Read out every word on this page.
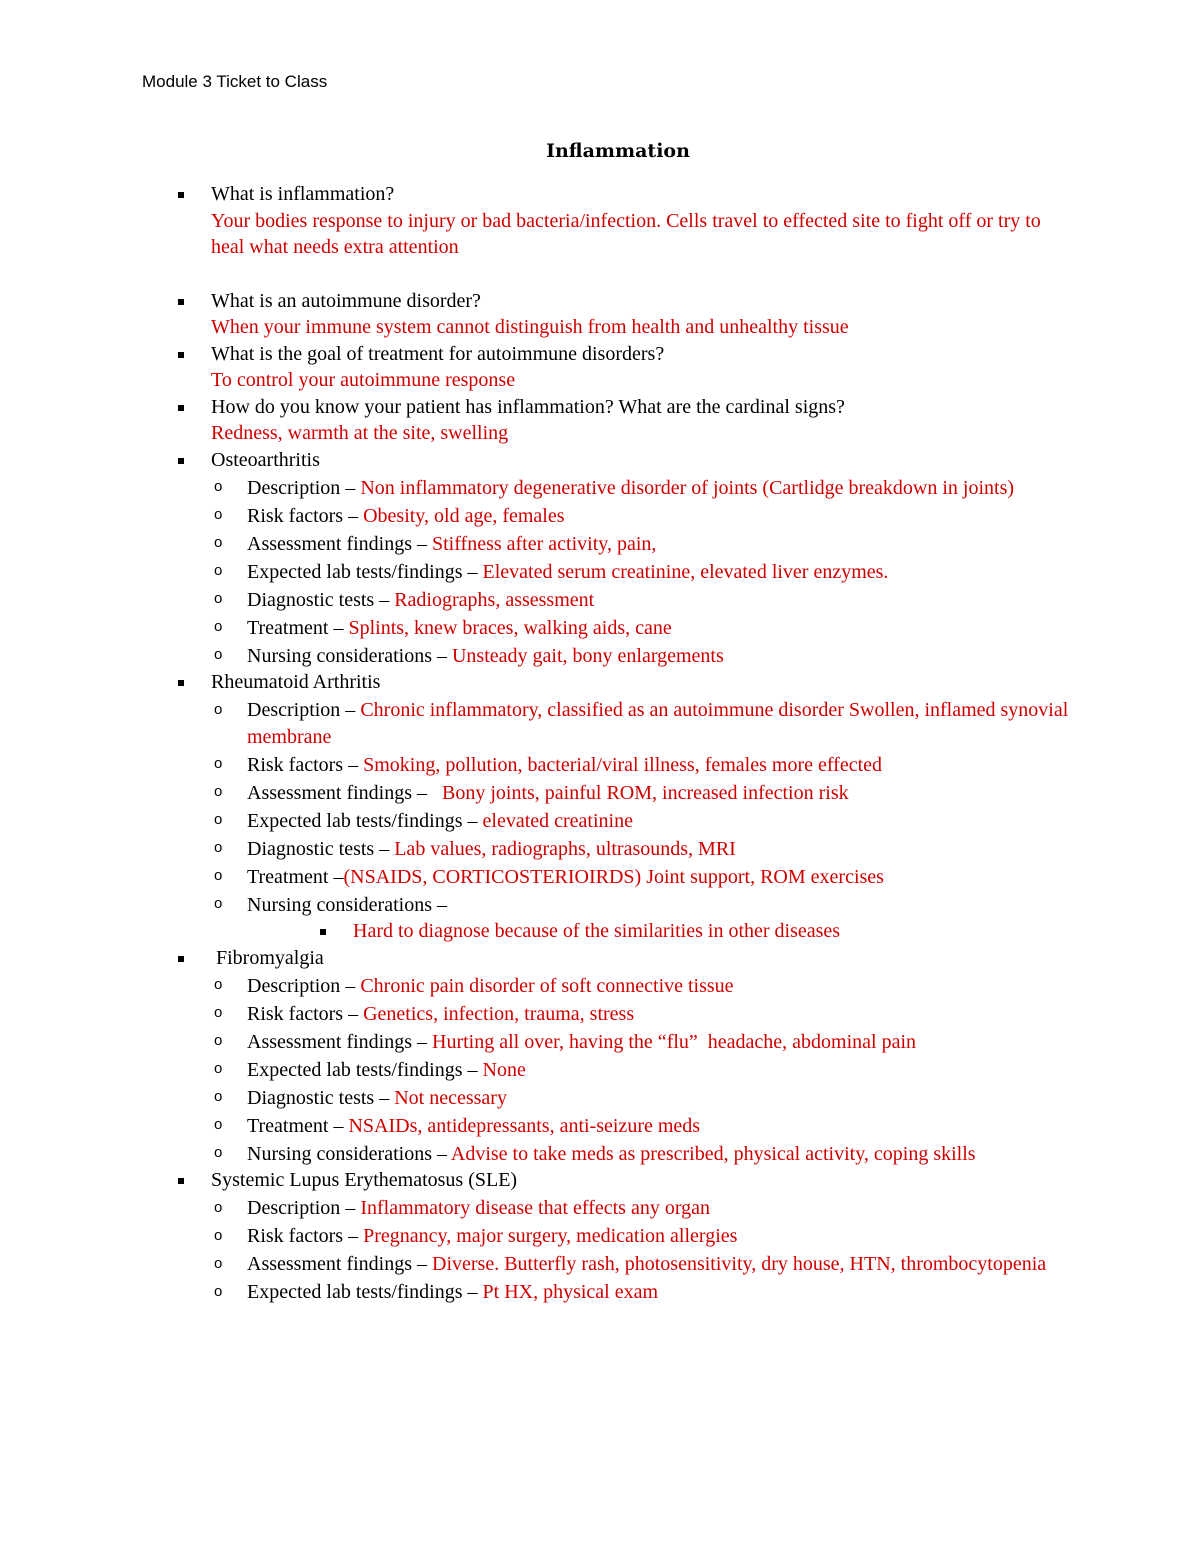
Module 3 Ticket to Class
Inflammation
What is inflammation?
Your bodies response to injury or bad bacteria/infection. Cells travel to effected site to fight off or try to heal what needs extra attention
What is an autoimmune disorder?
When your immune system cannot distinguish from health and unhealthy tissue
What is the goal of treatment for autoimmune disorders?
To control your autoimmune response
How do you know your patient has inflammation? What are the cardinal signs?
Redness, warmth at the site, swelling
Osteoarthritis
o Description – Non inflammatory degenerative disorder of joints (Cartlidge breakdown in joints)
o Risk factors – Obesity, old age, females
o Assessment findings – Stiffness after activity, pain,
o Expected lab tests/findings – Elevated serum creatinine, elevated liver enzymes.
o Diagnostic tests – Radiographs, assessment
o Treatment – Splints, knew braces, walking aids, cane
o Nursing considerations – Unsteady gait, bony enlargements
Rheumatoid Arthritis
o Description – Chronic inflammatory, classified as an autoimmune disorder Swollen, inflamed synovial membrane
o Risk factors – Smoking, pollution, bacterial/viral illness, females more effected
o Assessment findings –   Bony joints, painful ROM, increased infection risk
o Expected lab tests/findings – elevated creatinine
o Diagnostic tests – Lab values, radiographs, ultrasounds, MRI
o Treatment –(NSAIDS, CORTICOSTERIOIRDS) Joint support, ROM exercises
o Nursing considerations –
Hard to diagnose because of the similarities in other diseases
Fibromyalgia
o Description – Chronic pain disorder of soft connective tissue
o Risk factors – Genetics, infection, trauma, stress
o Assessment findings – Hurting all over, having the “flu”  headache, abdominal pain
o Expected lab tests/findings – None
o Diagnostic tests – Not necessary
o Treatment – NSAIDs, antidepressants, anti-seizure meds
o Nursing considerations – Advise to take meds as prescribed, physical activity, coping skills
Systemic Lupus Erythematosus (SLE)
o Description – Inflammatory disease that effects any organ
o Risk factors – Pregnancy, major surgery, medication allergies
o Assessment findings – Diverse. Butterfly rash, photosensitivity, dry house, HTN, thrombocytopenia
o Expected lab tests/findings – Pt HX, physical exam
